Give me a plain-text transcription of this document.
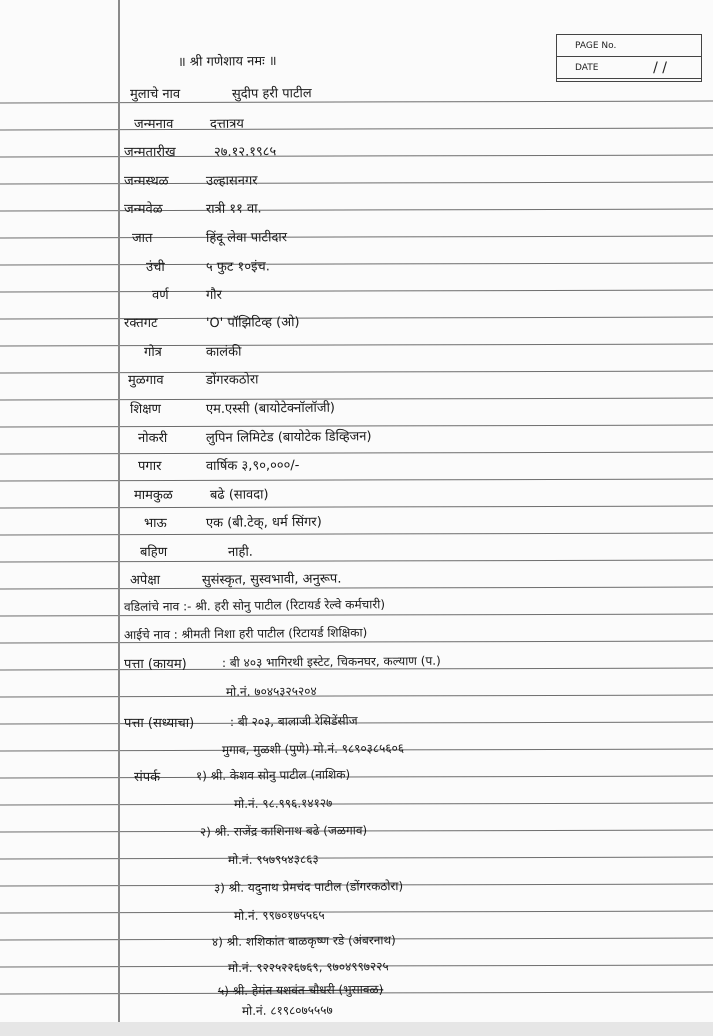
PAGE No.
DATE	/ /
॥ श्री गणेशाय नमः ॥
मुलाचे नाव	सुदीप हरी पाटील
जन्मनाव	दत्तात्रय
जन्मतारीख	२७.१२.१९८५
जन्मस्थळ	उल्हासनगर
जन्मवेळ	रात्री ११ वा.
जात	हिंदू लेवा पाटीदार
उंची	५ फुट १०इंच.
वर्ण	गौर
रक्तगट	'O' पॉझिटिव्ह (ओ)
गोत्र	कालंकी
मुळगाव	डोंगरकठोरा
शिक्षण	एम.एस्सी (बायोटेक्नॉलॉजी)
नोकरी	लुपिन लिमिटेड (बायोटेक डिव्हिजन)
पगार	वार्षिक ३,९०,०००/-
मामकुळ	बढे (सावदा)
भाऊ	एक (बी.टेक्, धर्म सिंगर)
बहिण	नाही.
अपेक्षा	सुसंस्कृत, सुस्वभावी, अनुरूप.
वडिलांचे नाव :- श्री. हरी सोनु पाटील (रिटायर्ड रेल्वे कर्मचारी)
आईचे नाव : श्रीमती निशा हरी पाटील (रिटायर्ड शिक्षिका)
पत्ता (कायम)	: बी ४०३ भागिरथी इस्टेट, चिकनघर, कल्याण (प.)
मो.नं. ७०४५३२५२०४
पत्ता (सध्याचा)	: बी २०३, बालाजी रेसिडेंसीज
मुगाव, मुळशी (पुणे) मो.नं. ९८९०३८५६०६
संपर्क	१) श्री. केशव सोनु पाटील (नाशिक)
मो.नं. ९८.९९६.१४१२७
२) श्री. राजेंद्र काशिनाथ बढे (जळगाव)
मो.नं. ९५७९५४३८६३
३) श्री. यदुनाथ प्रेमचंद पाटील (डोंगरकठोरा)
मो.नं. ९९७०१७५५६५
४) श्री. शशिकांत बाळकृष्ण रडे (अंबरनाथ)
मो.नं. ९२२५२२६७६९, ९७०४९९७२२५
५) श्री. हेमंत यशवंत चौधरी (भुसावळ)
मो.नं. ८१९८०७५५५७
